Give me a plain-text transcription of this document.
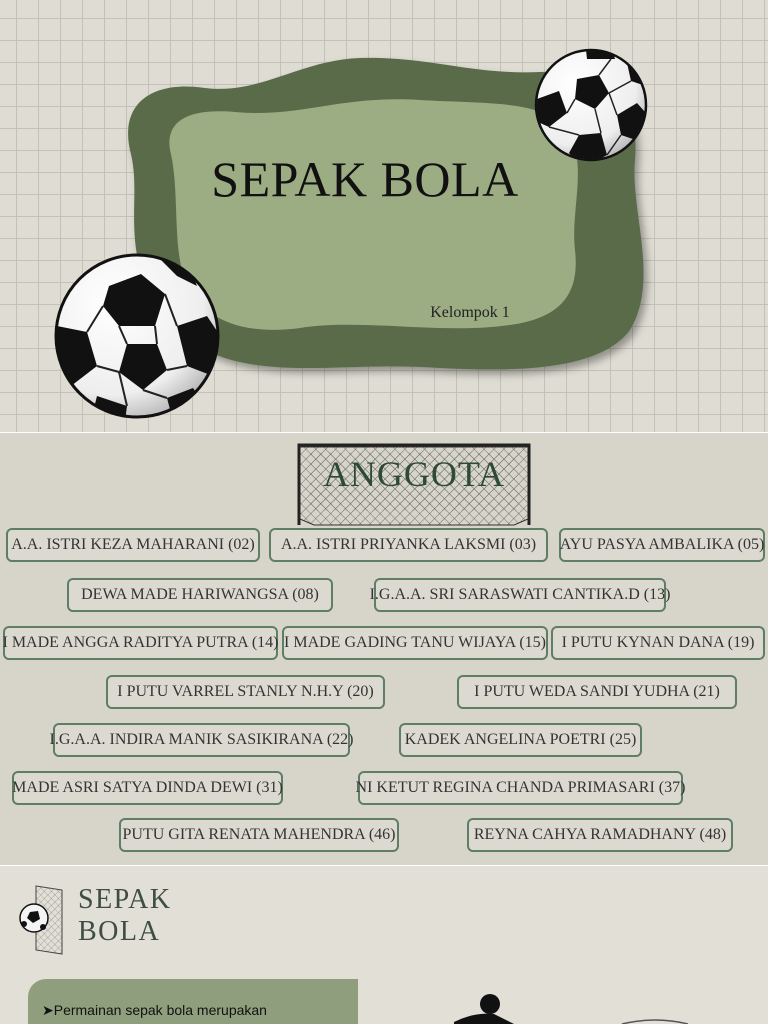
SEPAK BOLA
Kelompok 1
ANGGOTA
A.A. ISTRI KEZA MAHARANI (02)	A.A. ISTRI PRIYANKA LAKSMI (03)	AYU PASYA AMBALIKA (05)
DEWA MADE HARIWANGSA (08)	I.G.A.A. SRI SARASWATI CANTIKA.D (13)
I MADE ANGGA RADITYA PUTRA (14) I MADE GADING TANU WIJAYA (15) I PUTU KYNAN DANA (19)
I PUTU VARREL STANLY N.H.Y (20)	I PUTU WEDA SANDI YUDHA (21)
I.G.A.A. INDIRA MANIK SASIKIRANA (22)	KADEK ANGELINA POETRI (25)
MADE ASRI SATYA DINDA DEWI (31)	NI KETUT REGINA CHANDA PRIMASARI (37)
PUTU GITA RENATA MAHENDRA (46)	REYNA CAHYA RAMADHANY (48)
SEPAK
BOLA
➤Permainan sepak bola merupakan
